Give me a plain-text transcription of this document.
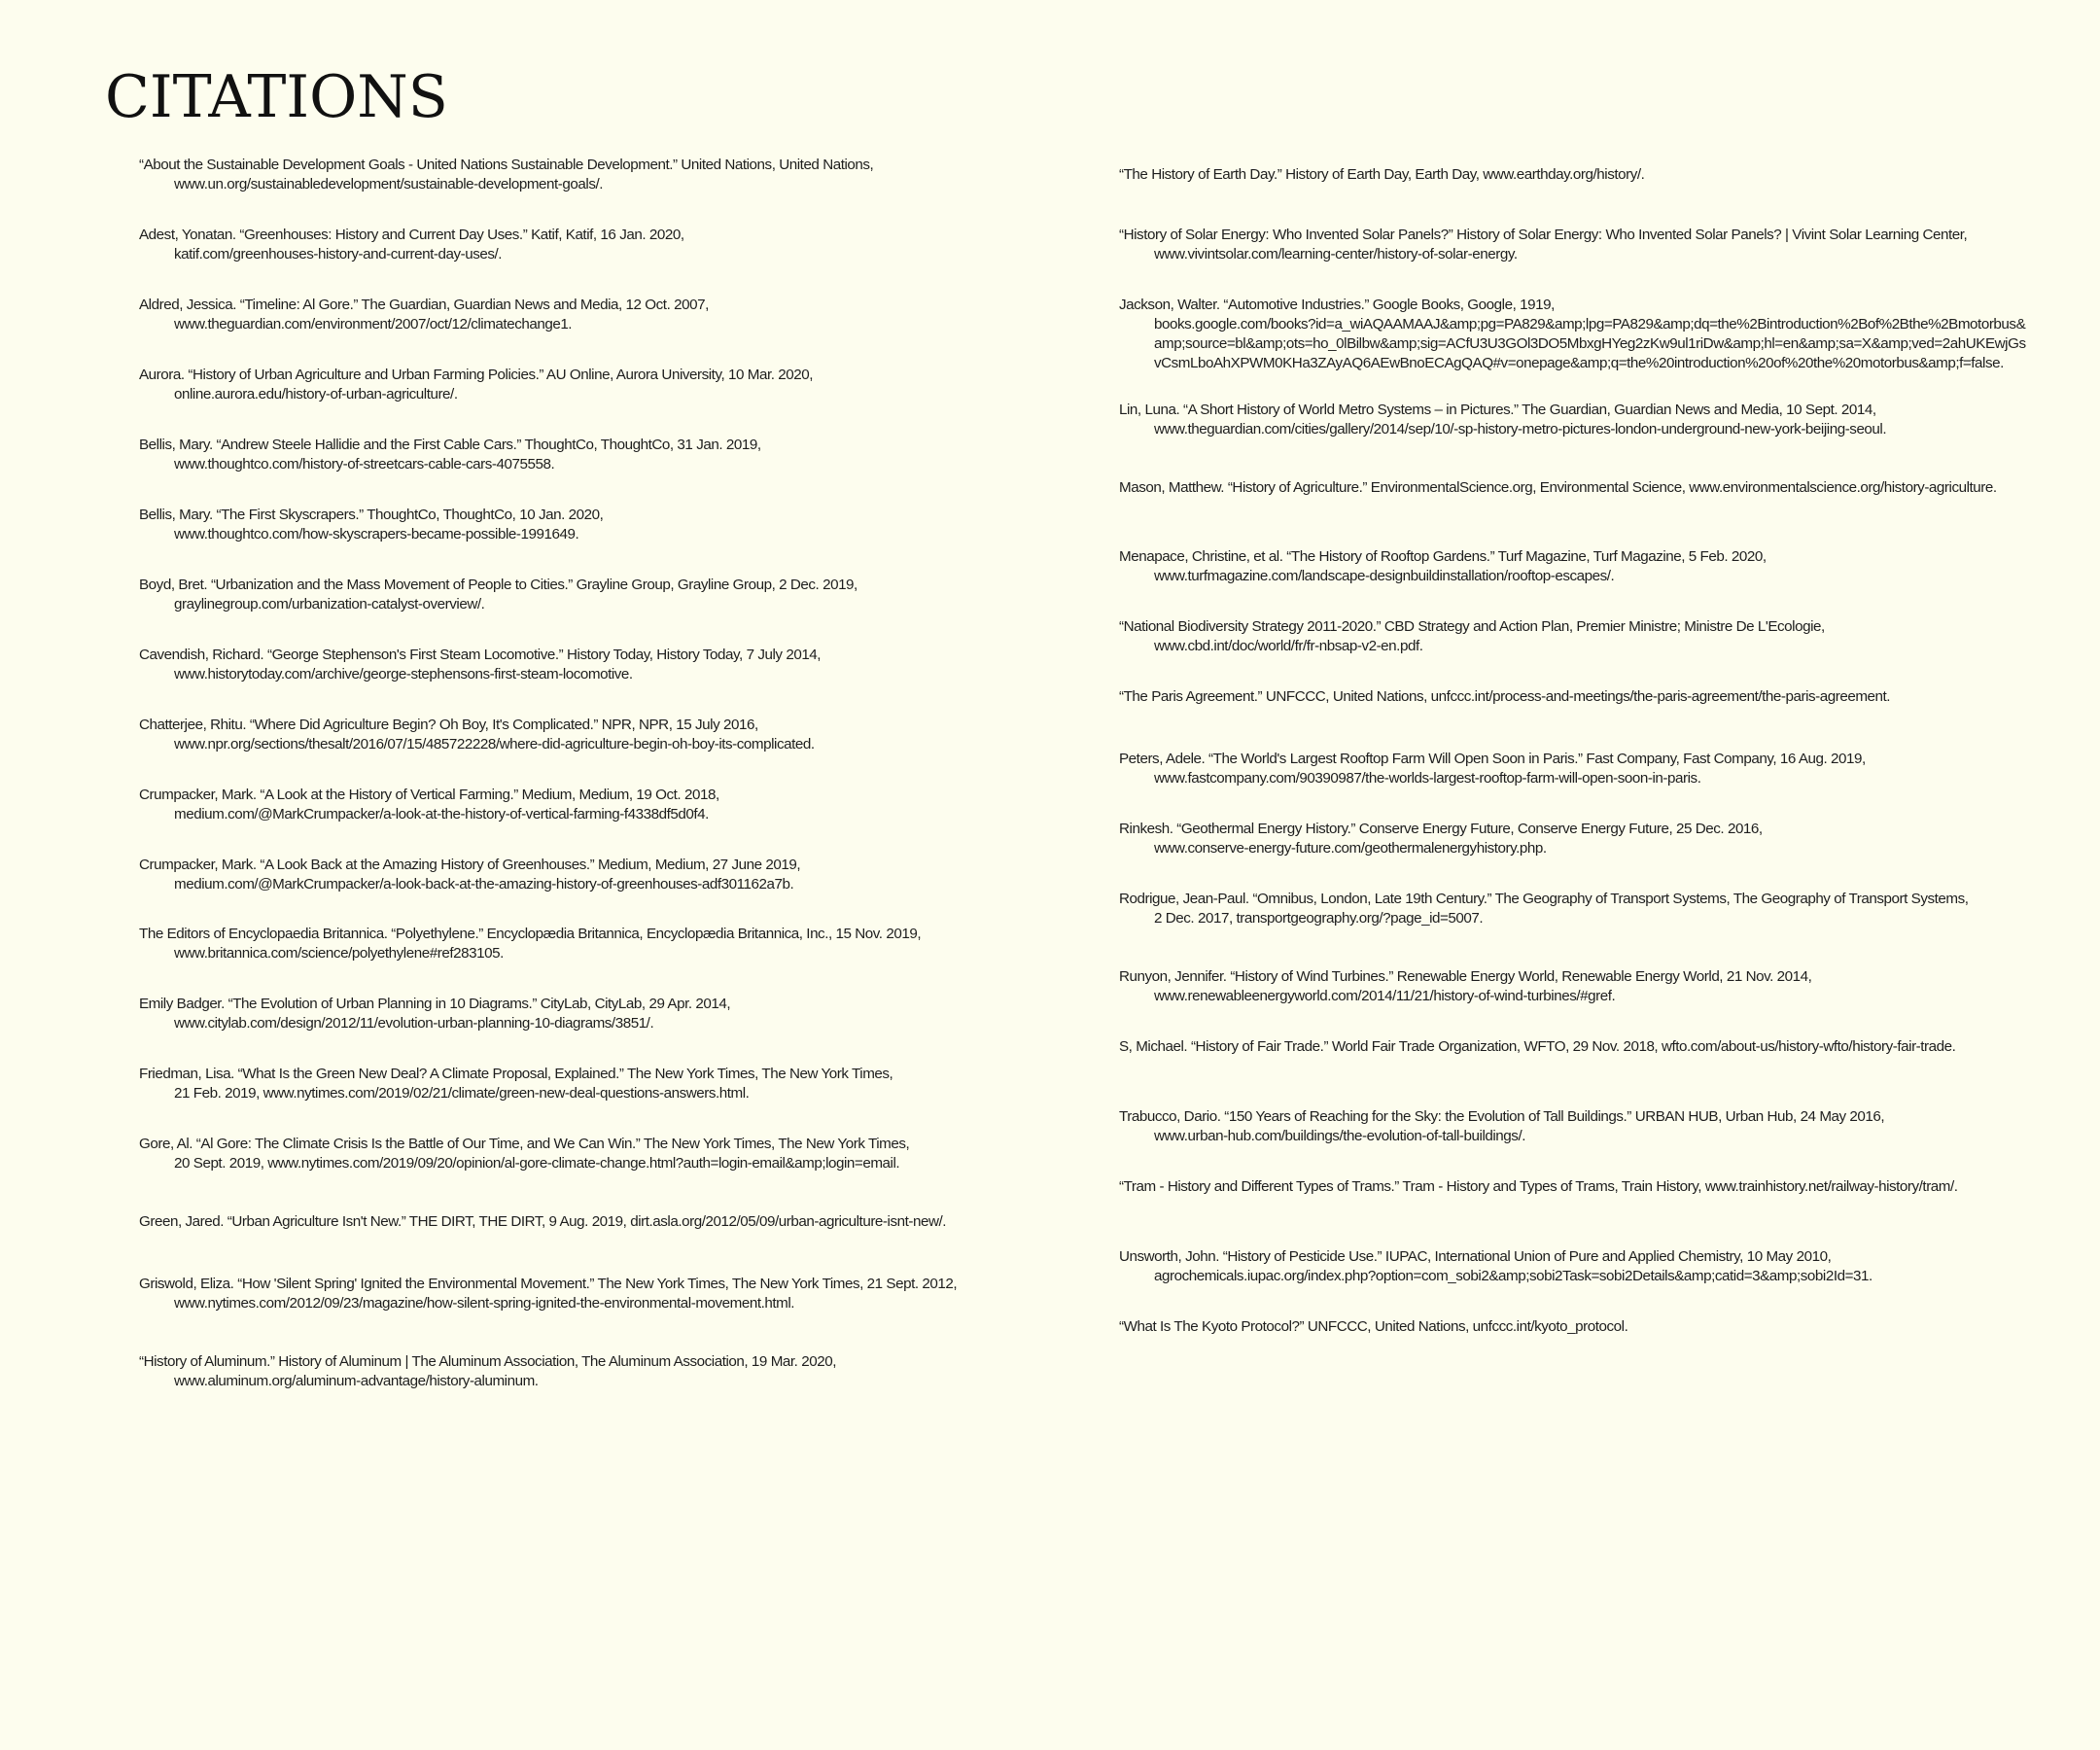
CITATIONS
“About the Sustainable Development Goals - United Nations Sustainable Development.” United Nations, United Nations,
www.un.org/sustainabledevelopment/sustainable-development-goals/.
Adest, Yonatan. “Greenhouses: History and Current Day Uses.” Katif, Katif, 16 Jan. 2020,
katif.com/greenhouses-history-and-current-day-uses/.
Aldred, Jessica. “Timeline: Al Gore.” The Guardian, Guardian News and Media, 12 Oct. 2007,
www.theguardian.com/environment/2007/oct/12/climatechange1.
Aurora. “History of Urban Agriculture and Urban Farming Policies.” AU Online, Aurora University, 10 Mar. 2020,
online.aurora.edu/history-of-urban-agriculture/.
Bellis, Mary. “Andrew Steele Hallidie and the First Cable Cars.” ThoughtCo, ThoughtCo, 31 Jan. 2019,
www.thoughtco.com/history-of-streetcars-cable-cars-4075558.
Bellis, Mary. “The First Skyscrapers.” ThoughtCo, ThoughtCo, 10 Jan. 2020,
www.thoughtco.com/how-skyscrapers-became-possible-1991649.
Boyd, Bret. “Urbanization and the Mass Movement of People to Cities.” Grayline Group, Grayline Group, 2 Dec. 2019,
graylinegroup.com/urbanization-catalyst-overview/.
Cavendish, Richard. “George Stephenson's First Steam Locomotive.” History Today, History Today, 7 July 2014,
www.historytoday.com/archive/george-stephensons-first-steam-locomotive.
Chatterjee, Rhitu. “Where Did Agriculture Begin? Oh Boy, It's Complicated.” NPR, NPR, 15 July 2016,
www.npr.org/sections/thesalt/2016/07/15/485722228/where-did-agriculture-begin-oh-boy-its-complicated.
Crumpacker, Mark. “A Look at the History of Vertical Farming.” Medium, Medium, 19 Oct. 2018,
medium.com/@MarkCrumpacker/a-look-at-the-history-of-vertical-farming-f4338df5d0f4.
Crumpacker, Mark. “A Look Back at the Amazing History of Greenhouses.” Medium, Medium, 27 June 2019,
medium.com/@MarkCrumpacker/a-look-back-at-the-amazing-history-of-greenhouses-adf301162a7b.
The Editors of Encyclopaedia Britannica. “Polyethylene.” Encyclopædia Britannica, Encyclopædia Britannica, Inc., 15 Nov. 2019,
www.britannica.com/science/polyethylene#ref283105.
Emily Badger. “The Evolution of Urban Planning in 10 Diagrams.” CityLab, CityLab, 29 Apr. 2014,
www.citylab.com/design/2012/11/evolution-urban-planning-10-diagrams/3851/.
Friedman, Lisa. “What Is the Green New Deal? A Climate Proposal, Explained.” The New York Times, The New York Times,
21 Feb. 2019, www.nytimes.com/2019/02/21/climate/green-new-deal-questions-answers.html.
Gore, Al. “Al Gore: The Climate Crisis Is the Battle of Our Time, and We Can Win.” The New York Times, The New York Times,
20 Sept. 2019, www.nytimes.com/2019/09/20/opinion/al-gore-climate-change.html?auth=login-email&amp;login=email.
Green, Jared. “Urban Agriculture Isn't New.” THE DIRT, THE DIRT, 9 Aug. 2019, dirt.asla.org/2012/05/09/urban-agriculture-isnt-new/.
Griswold, Eliza. “How 'Silent Spring' Ignited the Environmental Movement.” The New York Times, The New York Times, 21 Sept. 2012,
www.nytimes.com/2012/09/23/magazine/how-silent-spring-ignited-the-environmental-movement.html.
“History of Aluminum.” History of Aluminum | The Aluminum Association, The Aluminum Association, 19 Mar. 2020,
www.aluminum.org/aluminum-advantage/history-aluminum.
“The History of Earth Day.” History of Earth Day, Earth Day, www.earthday.org/history/.
“History of Solar Energy: Who Invented Solar Panels?” History of Solar Energy: Who Invented Solar Panels? | Vivint Solar Learning Center,
www.vivintsolar.com/learning-center/history-of-solar-energy.
Jackson, Walter. “Automotive Industries.” Google Books, Google, 1919,
books.google.com/books?id=a_wiAQAAMAAJ&amp;pg=PA829&amp;lpg=PA829&amp;dq=the%2Bintroduction%2Bof%2Bthe%2Bmotorbus&
amp;source=bl&amp;ots=ho_0lBilbw&amp;sig=ACfU3U3GOl3DO5MbxgHYeg2zKw9ul1riDw&amp;hl=en&amp;sa=X&amp;ved=2ahUKEwjGs
vCsmLboAhXPWM0KHa3ZAyAQ6AEwBnoECAgQAQ#v=onepage&amp;q=the%20introduction%20of%20the%20motorbus&amp;f=false.
Lin, Luna. “A Short History of World Metro Systems – in Pictures.” The Guardian, Guardian News and Media, 10 Sept. 2014,
www.theguardian.com/cities/gallery/2014/sep/10/-sp-history-metro-pictures-london-underground-new-york-beijing-seoul.
Mason, Matthew. “History of Agriculture.” EnvironmentalScience.org, Environmental Science, www.environmentalscience.org/history-agriculture.
Menapace, Christine, et al. “The History of Rooftop Gardens.” Turf Magazine, Turf Magazine, 5 Feb. 2020,
www.turfmagazine.com/landscape-designbuildinstallation/rooftop-escapes/.
“National Biodiversity Strategy 2011-2020.” CBD Strategy and Action Plan, Premier Ministre; Ministre De L'Ecologie,
www.cbd.int/doc/world/fr/fr-nbsap-v2-en.pdf.
“The Paris Agreement.” UNFCCC, United Nations, unfccc.int/process-and-meetings/the-paris-agreement/the-paris-agreement.
Peters, Adele. “The World's Largest Rooftop Farm Will Open Soon in Paris.” Fast Company, Fast Company, 16 Aug. 2019,
www.fastcompany.com/90390987/the-worlds-largest-rooftop-farm-will-open-soon-in-paris.
Rinkesh. “Geothermal Energy History.” Conserve Energy Future, Conserve Energy Future, 25 Dec. 2016,
www.conserve-energy-future.com/geothermalenergyhistory.php.
Rodrigue, Jean-Paul. “Omnibus, London, Late 19th Century.” The Geography of Transport Systems, The Geography of Transport Systems,
2 Dec. 2017, transportgeography.org/?page_id=5007.
Runyon, Jennifer. “History of Wind Turbines.” Renewable Energy World, Renewable Energy World, 21 Nov. 2014,
www.renewableenergyworld.com/2014/11/21/history-of-wind-turbines/#gref.
S, Michael. “History of Fair Trade.” World Fair Trade Organization, WFTO, 29 Nov. 2018, wfto.com/about-us/history-wfto/history-fair-trade.
Trabucco, Dario. “150 Years of Reaching for the Sky: the Evolution of Tall Buildings.” URBAN HUB, Urban Hub, 24 May 2016,
www.urban-hub.com/buildings/the-evolution-of-tall-buildings/.
“Tram - History and Different Types of Trams.” Tram - History and Types of Trams, Train History, www.trainhistory.net/railway-history/tram/.
Unsworth, John. “History of Pesticide Use.” IUPAC, International Union of Pure and Applied Chemistry, 10 May 2010,
agrochemicals.iupac.org/index.php?option=com_sobi2&amp;sobi2Task=sobi2Details&amp;catid=3&amp;sobi2Id=31.
“What Is The Kyoto Protocol?” UNFCCC, United Nations, unfccc.int/kyoto_protocol.
